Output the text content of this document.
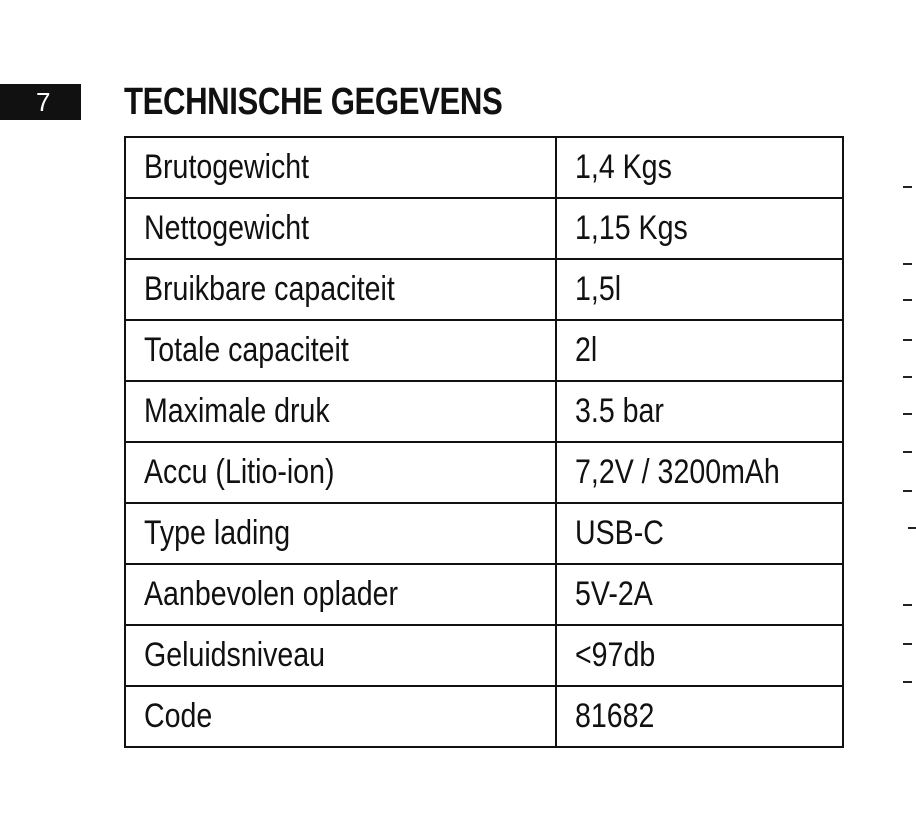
7	TECHNISCHE GEGEVENS
Brutogewicht	1,4 Kgs
Nettogewicht	1,15 Kgs
Bruikbare capaciteit	1,5l
Totale capaciteit	2l
Maximale druk	3.5 bar
Accu (Litio-ion)	7,2V / 3200mAh
Type lading	USB-C
Aanbevolen oplader	5V-2A
Geluidsniveau	<97db
Code	81682
